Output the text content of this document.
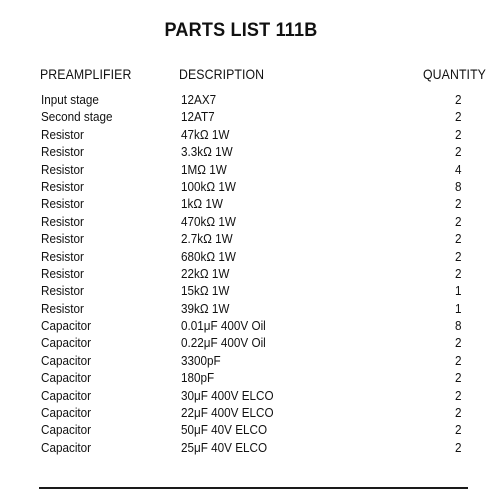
PARTS LIST 111B
PREAMPLIFIER	DESCRIPTION	QUANTITY
Input stage	12AX7	2
Second stage	12AT7	2
Resistor	47kΩ 1W	2
Resistor	3.3kΩ 1W	2
Resistor	1MΩ 1W	4
Resistor	100kΩ 1W	8
Resistor	1kΩ 1W	2
Resistor	470kΩ 1W	2
Resistor	2.7kΩ 1W	2
Resistor	680kΩ 1W	2
Resistor	22kΩ 1W	2
Resistor	15kΩ 1W	1
Resistor	39kΩ 1W	1
Capacitor	0.01μF 400V Oil	8
Capacitor	0.22μF 400V Oil	2
Capacitor	3300pF	2
Capacitor	180pF	2
Capacitor	30μF 400V ELCO	2
Capacitor	22μF 400V ELCO	2
Capacitor	50μF 40V ELCO	2
Capacitor	25μF 40V ELCO	2
